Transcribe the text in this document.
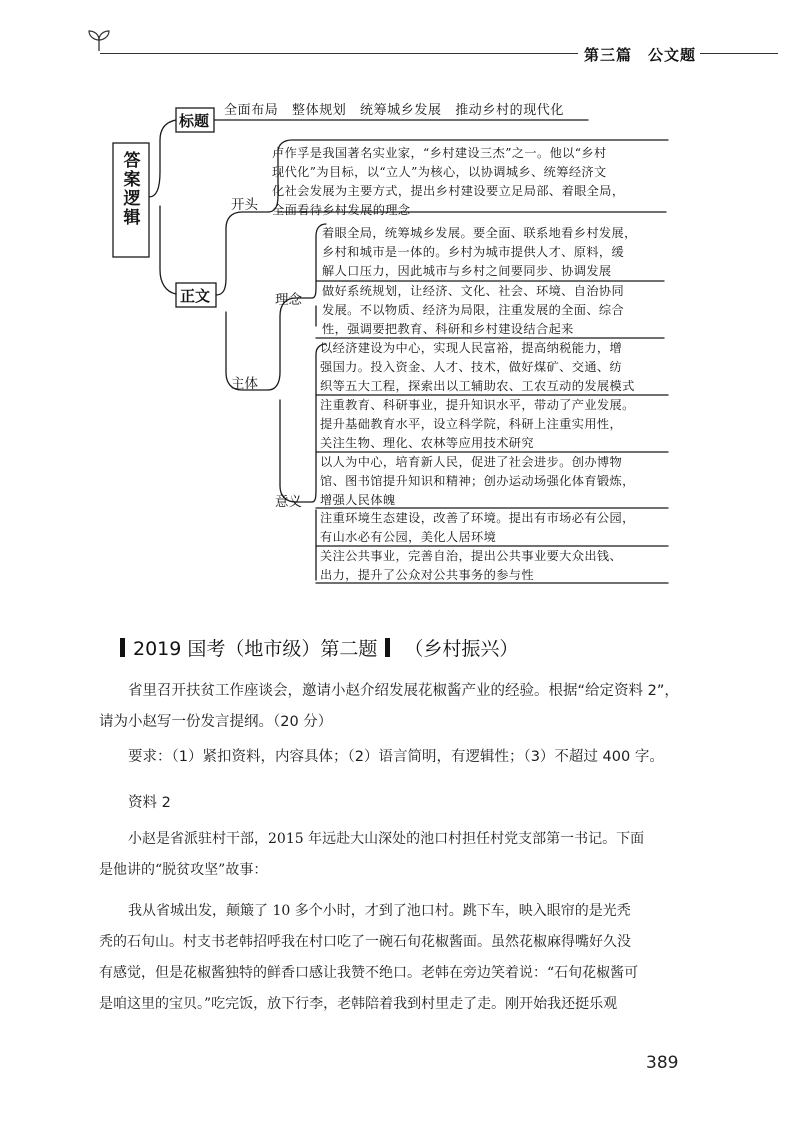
第三篇　公文题
答案逻辑
标题
全面布局　整体规划　统筹城乡发展　推动乡村的现代化
正文
开头
卢作孚是我国著名实业家，“乡村建设三杰”之一。他以“乡村
现代化”为目标，以“立人”为核心，以协调城乡、统筹经济文
化社会发展为主要方式，提出乡村建设要立足局部、着眼全局，
全面看待乡村发展的理念
主体
理念
着眼全局，统筹城乡发展。要全面、联系地看乡村发展，
乡村和城市是一体的。乡村为城市提供人才、原料，缓
解人口压力，因此城市与乡村之间要同步、协调发展
做好系统规划，让经济、文化、社会、环境、自治协同
发展。不以物质、经济为局限，注重发展的全面、综合
性，强调要把教育、科研和乡村建设结合起来
意义
以经济建设为中心，实现人民富裕，提高纳税能力，增
强国力。投入资金、人才、技术，做好煤矿、交通、纺
织等五大工程，探索出以工辅助农、工农互动的发展模式
注重教育、科研事业，提升知识水平，带动了产业发展。
提升基础教育水平，设立科学院，科研上注重实用性，
关注生物、理化、农林等应用技术研究
以人为中心，培育新人民，促进了社会进步。创办博物
馆、图书馆提升知识和精神；创办运动场强化体育锻炼，
增强人民体魄
注重环境生态建设，改善了环境。提出有市场必有公园，
有山水必有公园，美化人居环境
关注公共事业，完善自治，提出公共事业要大众出钱、
出力，提升了公众对公共事务的参与性
2019 国考（地市级）第二题 （乡村振兴）
省里召开扶贫工作座谈会，邀请小赵介绍发展花椒酱产业的经验。根据“给定资料 2”，
请为小赵写一份发言提纲。（20 分）
要求：（1）紧扣资料，内容具体；（2）语言简明，有逻辑性；（3）不超过 400 字。
资料 2
小赵是省派驻村干部，2015 年远赴大山深处的池口村担任村党支部第一书记。下面
是他讲的“脱贫攻坚”故事：
我从省城出发，颠簸了 10 多个小时，才到了池口村。跳下车，映入眼帘的是光秃
秃的石旬山。村支书老韩招呼我在村口吃了一碗石旬花椒酱面。虽然花椒麻得嘴好久没
有感觉，但是花椒酱独特的鲜香口感让我赞不绝口。老韩在旁边笑着说：“石旬花椒酱可
是咱这里的宝贝。”吃完饭，放下行李，老韩陪着我到村里走了走。刚开始我还挺乐观
389
